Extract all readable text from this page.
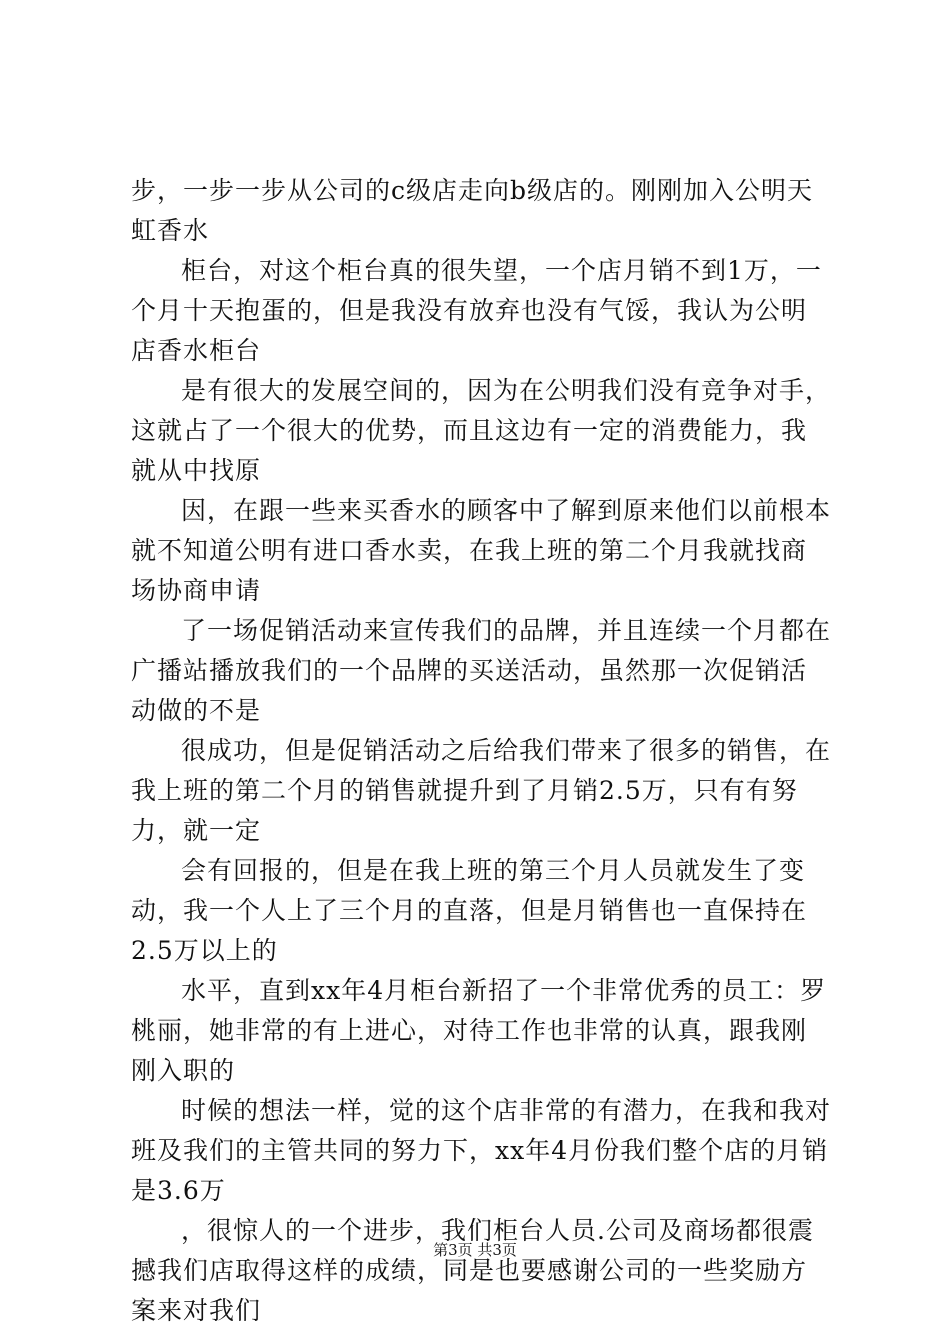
步，一步一步从公司的c级店走向b级店的。刚刚加入公明天虹香水

柜台，对这个柜台真的很失望，一个店月销不到1万，一个月十天抱蛋的，但是我没有放弃也没有气馁，我认为公明店香水柜台

是有很大的发展空间的，因为在公明我们没有竞争对手，这就占了一个很大的优势，而且这边有一定的消费能力，我就从中找原

因，在跟一些来买香水的顾客中了解到原来他们以前根本就不知道公明有进口香水卖，在我上班的第二个月我就找商场协商申请

了一场促销活动来宣传我们的品牌，并且连续一个月都在广播站播放我们的一个品牌的买送活动，虽然那一次促销活动做的不是

很成功，但是促销活动之后给我们带来了很多的销售，在我上班的第二个月的销售就提升到了月销2.5万，只有有努力，就一定

会有回报的，但是在我上班的第三个月人员就发生了变动，我一个人上了三个月的直落，但是月销售也一直保持在2.5万以上的

水平，直到xx年4月柜台新招了一个非常优秀的员工：罗桃丽，她非常的有上进心，对待工作也非常的认真，跟我刚刚入职的

时候的想法一样，觉的这个店非常的有潜力，在我和我对班及我们的主管共同的努力下，xx年4月份我们整个店的月销是3.6万

，很惊人的一个进步，我们柜台人员.公司及商场都很震撼我们店取得这样的成绩，同是也要感谢公司的一些奖励方案来对我们

第3页 共3页
